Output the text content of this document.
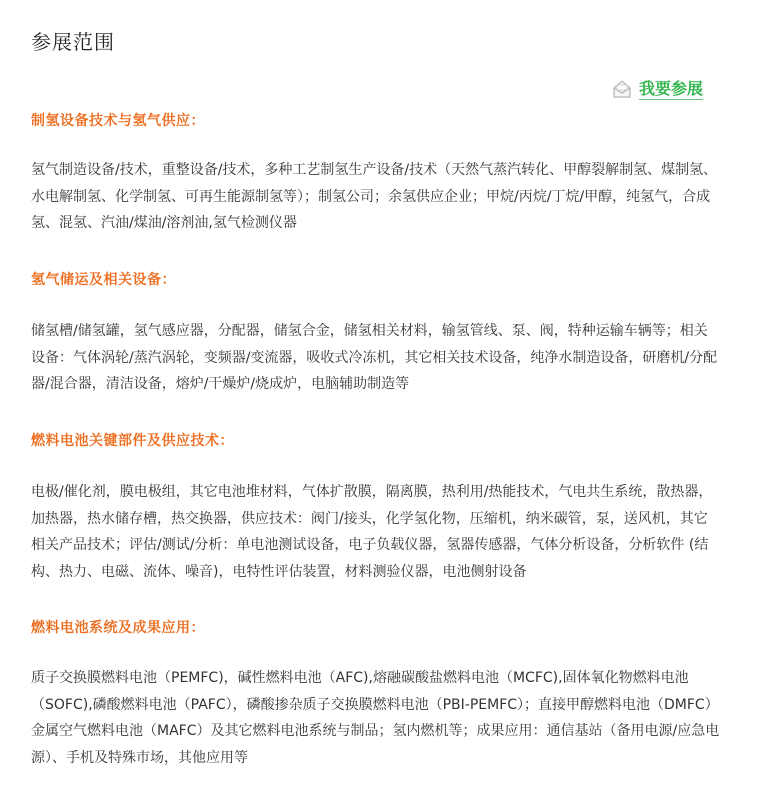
参展范围
我要参展
制氢设备技术与氢气供应：

氢气制造设备/技术，重整设备/技术，多种工艺制氢生产设备/技术（天然气蒸汽转化、甲醇裂解制氢、煤制氢、水电解制氢、化学制氢、可再生能源制氢等）；制氢公司；余氢供应企业；甲烷/丙烷/丁烷/甲醇，纯氢气，合成氢、混氢、汽油/煤油/溶剂油,氢气检测仪器

氢气储运及相关设备：

储氢槽/储氢罐，氢气感应器，分配器，储氢合金，储氢相关材料，输氢管线、泵、阀，特种运输车辆等；相关设备：气体涡轮/蒸汽涡轮，变频器/变流器，吸收式冷冻机，其它相关技术设备，纯净水制造设备，研磨机/分配器/混合器，清洁设备，熔炉/干燥炉/烧成炉，电脑辅助制造等

燃料电池关键部件及供应技术：

电极/催化剂，膜电极组，其它电池堆材料，气体扩散膜，隔离膜，热利用/热能技术，气电共生系统，散热器，加热器，热水储存槽，热交换器，供应技术：阀门/接头，化学氢化物，压缩机，纳米碳管，泵，送风机，其它相关产品技术；评估/测试/分析：单电池测试设备，电子负载仪器，氢器传感器，气体分析设备，分析软件 (结构、热力、电磁、流体、噪音)，电特性评估装置，材料测验仪器，电池侧射设备

燃料电池系统及成果应用：

质子交换膜燃料电池（PEMFC)，碱性燃料电池（AFC),熔融碳酸盐燃料电池（MCFC),固体氧化物燃料电池（SOFC),磷酸燃料电池（PAFC），磷酸掺杂质子交换膜燃料电池（PBI-PEMFC）；直接甲醇燃料电池（DMFC）金属空气燃料电池（MAFC）及其它燃料电池系统与制品；氢内燃机等；成果应用：通信基站（备用电源/应急电源）、手机及特殊市场，其他应用等
